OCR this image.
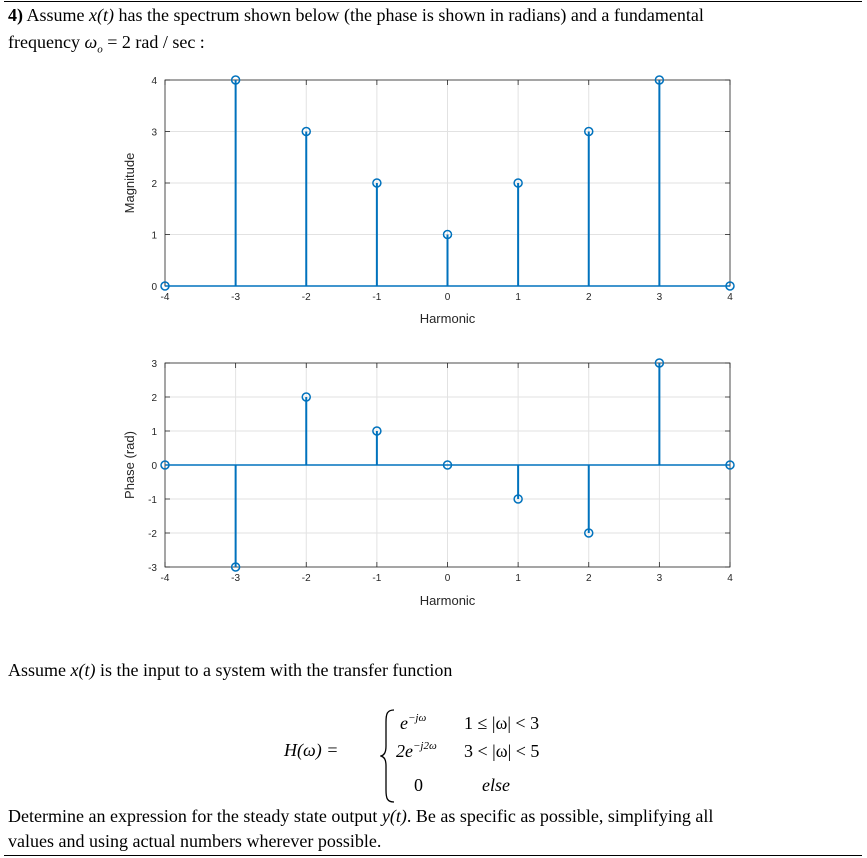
4) Assume x(t) has the spectrum shown below (the phase is shown in radians) and a fundamental
frequency $\omega_o = 2$ rad / sec :
-4	-3	-2	-1	0	1	2	3	4
0
1
2
3
4
Harmonic
Magnitude
-4	-3	-2	-1	0	1	2	3	4
-3
-2
-1
0
1
2
3
Harmonic
Phase (rad)
Assume x(t) is the input to a system with the transfer function
H(ω) =
$e^{-j\omega}$ 1 ≤ |ω| < 3
$2e^{-j2\omega}$ 3 < |ω| < 5
0	else
Determine an expression for the steady state output y(t). Be as specific as possible, simplifying all
values and using actual numbers wherever possible.
